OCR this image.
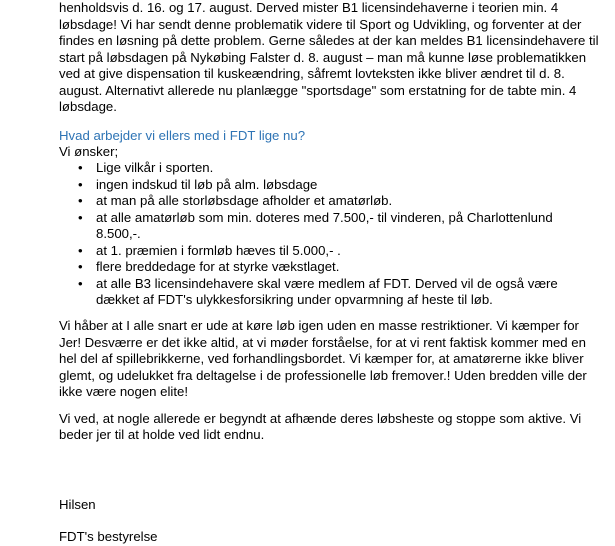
henholdsvis d. 16. og 17. august. Derved mister B1 licensindehaverne i teorien min. 4 løbsdage! Vi har sendt denne problematik videre til Sport og Udvikling, og forventer at der findes en løsning på dette problem. Gerne således at der kan meldes B1 licensindehavere til start på løbsdagen på Nykøbing Falster d. 8. august – man må kunne løse problematikken ved at give dispensation til kuskeændring, såfremt lovteksten ikke bliver ændret til d. 8. august. Alternativt allerede nu planlægge "sportsdage" som erstatning for de tabte min. 4 løbsdage.

Hvad arbejder vi ellers med i FDT lige nu?

Vi ønsker;

• Lige vilkår i sporten.
• ingen indskud til løb på alm. løbsdage
• at man på alle storløbsdage afholder et amatørløb.
• at alle amatørløb som min. doteres med 7.500,- til vinderen, på Charlottenlund 8.500,-.
• at 1. præmien i formløb hæves til 5.000,- .
• flere breddedage for at styrke vækstlaget.
• at alle B3 licensindehavere skal være medlem af FDT. Derved vil de også være dækket af FDT's ulykkesforsikring under opvarmning af heste til løb.

Vi håber at I alle snart er ude at køre løb igen uden en masse restriktioner. Vi kæmper for Jer! Desværre er det ikke altid, at vi møder forståelse, for at vi rent faktisk kommer med en hel del af spillebrikkerne, ved forhandlingsbordet. Vi kæmper for, at amatørerne ikke bliver glemt, og udelukket fra deltagelse i de professionelle løb fremover.! Uden bredden ville der ikke være nogen elite!

Vi ved, at nogle allerede er begyndt at afhænde deres løbsheste og stoppe som aktive. Vi beder jer til at holde ved lidt endnu.

Hilsen

FDT's bestyrelse
